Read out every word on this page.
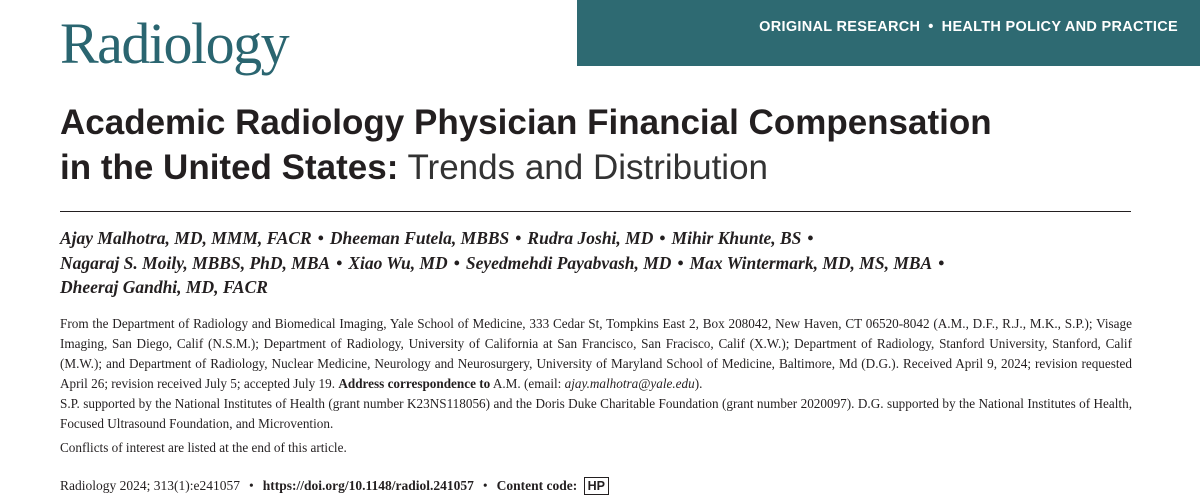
Radiology	ORIGINAL RESEARCH • HEALTH POLICY AND PRACTICE
Academic Radiology Physician Financial Compensation
in the United States: Trends and Distribution
Ajay Malhotra, MD, MMM, FACR • Dheeman Futela, MBBS • Rudra Joshi, MD • Mihir Khunte, BS •
Nagaraj S. Moily, MBBS, PhD, MBA • Xiao Wu, MD • Seyedmehdi Payabvash, MD • Max Wintermark, MD, MS, MBA •
Dheeraj Gandhi, MD, FACR
From the Department of Radiology and Biomedical Imaging, Yale School of Medicine, 333 Cedar St, Tompkins East 2, Box 208042, New Haven, CT 06520-8042 (A.M., D.F., R.J., M.K., S.P.); Visage Imaging, San Diego, Calif (N.S.M.); Department of Radiology, University of California at San Francisco, San Fracisco, Calif (X.W.); Department of Radiology, Stanford University, Stanford, Calif (M.W.); and Department of Radiology, Nuclear Medicine, Neurology and Neurosurgery, University of Maryland School of Medicine, Baltimore, Md (D.G.). Received April 9, 2024; revision requested April 26; revision received July 5; accepted July 19. Address correspondence to A.M. (email: ajay.malhotra@yale.edu).
S.P. supported by the National Institutes of Health (grant number K23NS118056) and the Doris Duke Charitable Foundation (grant number 2020097). D.G. supported by the National Institutes of Health, Focused Ultrasound Foundation, and Microvention.
Conflicts of interest are listed at the end of this article.
Radiology 2024; 313(1):e241057 • https://doi.org/10.1148/radiol.241057 • Content code: HP
